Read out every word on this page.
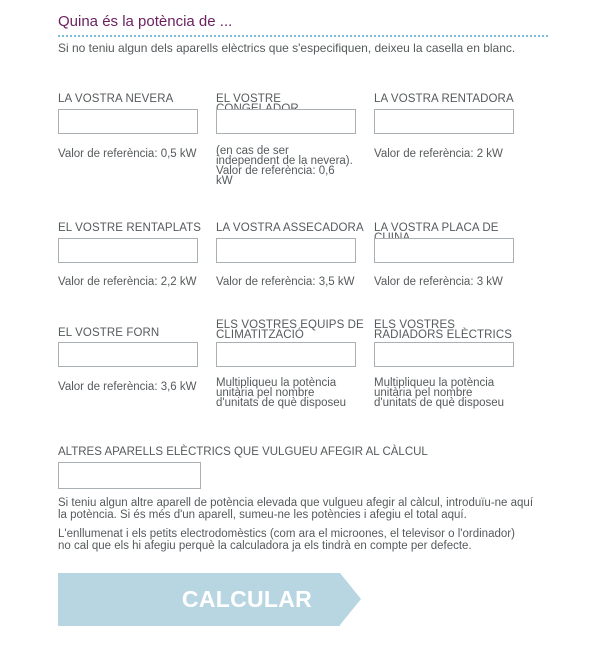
Quina és la potència de ...
Si no teniu algun dels aparells elèctrics que s'especifiquen, deixeu la casella en blanc.
LA VOSTRA NEVERA
Valor de referència: 0,5 kW
EL VOSTRE
(en cas de ser
independent de la nevera).
Valor de referència: 0,6
kW
LA VOSTRA RENTADORA
Valor de referència: 2 kW
EL VOSTRE RENTAPLATS
Valor de referència: 2,2 kW
LA VOSTRA ASSECADORA
Valor de referència: 3,5 kW
LA VOSTRA PLACA DE
Valor de referència: 3 kW
EL VOSTRE FORN
Valor de referència: 3,6 kW
ELS VOSTRES EQUIPS DE
CLIMATITZACIÓ
Multipliqueu la potència
unitària pel nombre
d'unitats de què disposeu
ELS VOSTRES
RADIADORS ELÈCTRICS
Multipliqueu la potència
unitària pel nombre
d'unitats de què disposeu
ALTRES APARELLS ELÈCTRICS QUE VULGUEU AFEGIR AL CÀLCUL
Si teniu algun altre aparell de potència elevada que vulgueu afegir al càlcul, introduïu-ne aquí
la potència. Si és més d'un aparell, sumeu-ne les potències i afegiu el total aquí.
L'enllumenat i els petits electrodomèstics (com ara el microones, el televisor o l'ordinador)
no cal que els hi afegiu perquè la calculadora ja els tindrà en compte per defecte.
CALCULAR
